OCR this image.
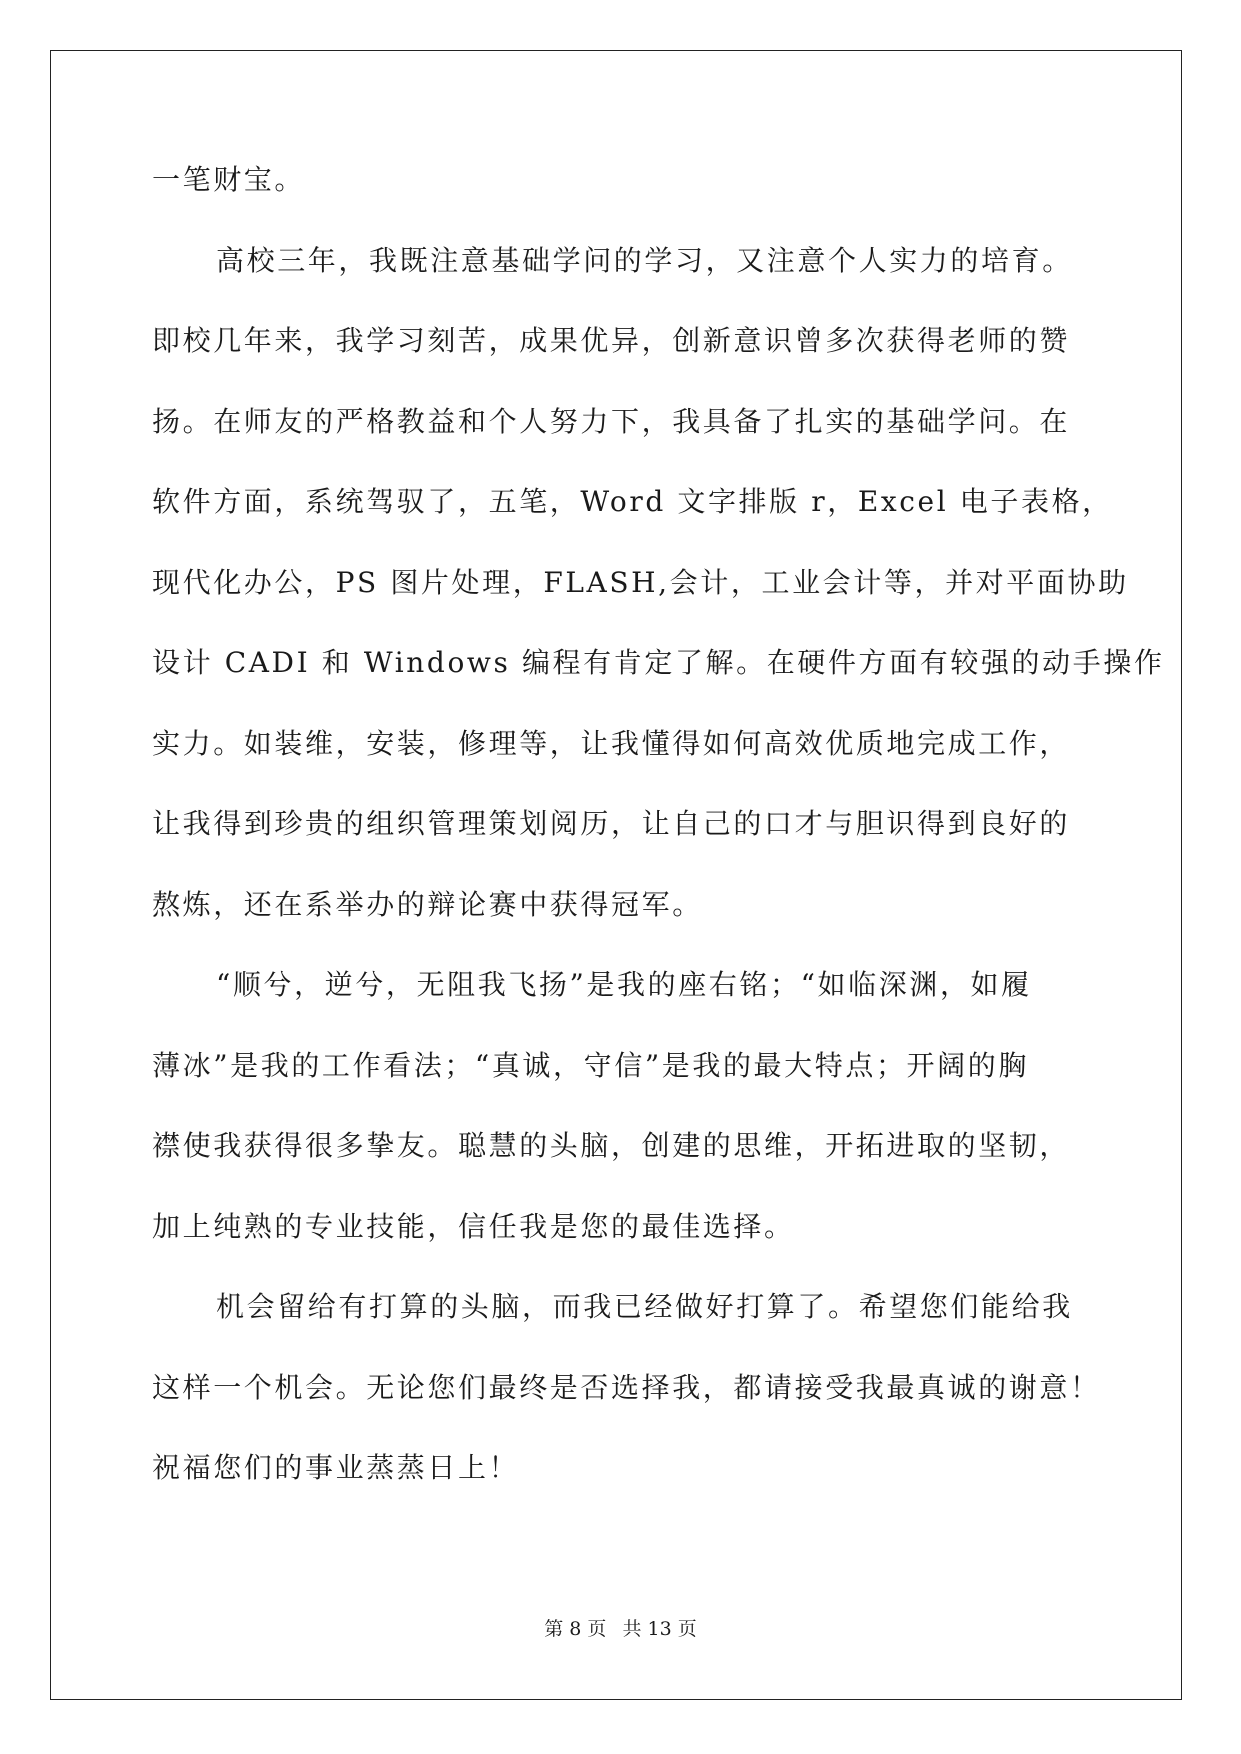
一笔财宝。
高校三年，我既注意基础学问的学习，又注意个人实力的培育。
即校几年来，我学习刻苦，成果优异，创新意识曾多次获得老师的赞
扬。在师友的严格教益和个人努力下，我具备了扎实的基础学问。在
软件方面，系统驾驭了，五笔，Word 文字排版 r，Excel 电子表格，
现代化办公，PS 图片处理，FLASH,会计，工业会计等，并对平面协助
设计 CADI 和 Windows 编程有肯定了解。在硬件方面有较强的动手操作
实力。如装维，安装，修理等，让我懂得如何高效优质地完成工作，
让我得到珍贵的组织管理策划阅历，让自己的口才与胆识得到良好的
熬炼，还在系举办的辩论赛中获得冠军。
“顺兮，逆兮，无阻我飞扬”是我的座右铭；“如临深渊，如履
薄冰”是我的工作看法；“真诚，守信”是我的最大特点；开阔的胸
襟使我获得很多挚友。聪慧的头脑，创建的思维，开拓进取的坚韧，
加上纯熟的专业技能，信任我是您的最佳选择。
机会留给有打算的头脑，而我已经做好打算了。希望您们能给我
这样一个机会。无论您们最终是否选择我，都请接受我最真诚的谢意！
祝福您们的事业蒸蒸日上！
第 8 页 共 13 页
